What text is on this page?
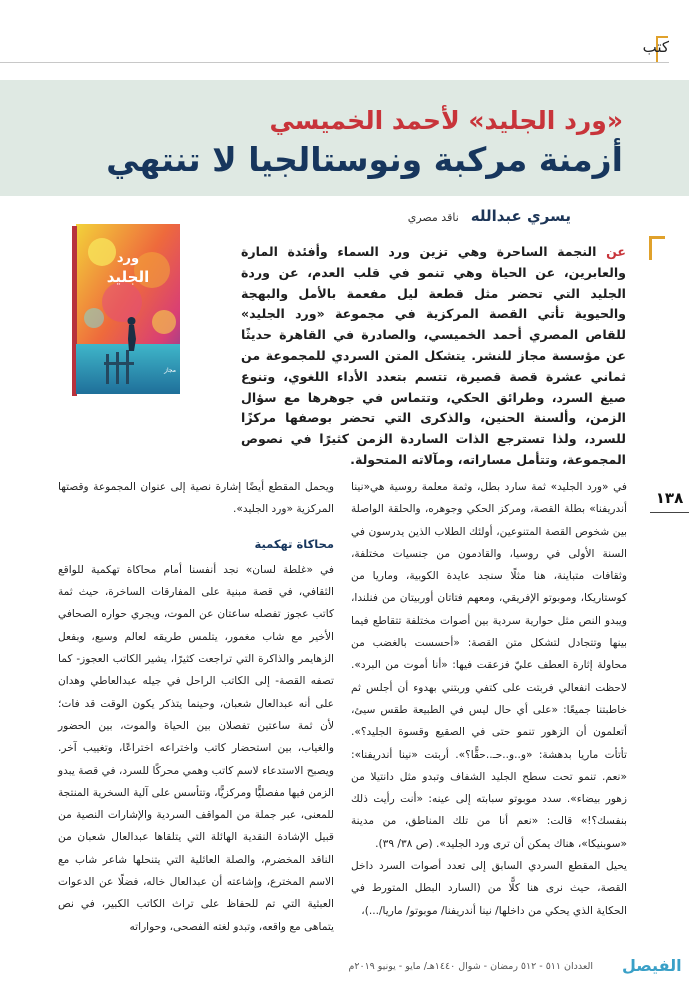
كتب
«ورد الجليد» لأحمد الخميسي
أزمنة مركبة ونوستالجيا لا تنتهي
يسري عبدالله
ناقد مصري

عن النجمة الساحرة وهي تزين ورد السماء وأفئدة المارة والعابرين، عن الحياة وهي تنمو في قلب العدم، عن وردة الجليد التي تحضر مثل قطعة ليل مفعمة بالأمل والبهجة والحيوية تأتي القصة المركزية في مجموعة «ورد الجليد» للقاص المصري أحمد الخميسي، والصادرة في القاهرة حديثًا عن مؤسسة مجاز للنشر. يتشكل المتن السردي للمجموعة من ثماني عشرة قصة قصيرة، تتسم بتعدد الأداء اللغوي، وتنوع صيغ السرد، وطرائق الحكي، وتتماس في جوهرها مع سؤال الزمن، وألسنة الحنين، والذكرى التي تحضر بوصفها مركزًا للسرد، ولذا تسترجع الذات الساردة الزمن كثيرًا في نصوص المجموعة، وتتأمل مساراته، ومآلاته المتحولة.

ورد
الجليد
مجاز
١٣٨

في «ورد الجليد» ثمة سارد بطل، وثمة معلمة روسية هي«نينا أندريفنا» بطلة القصة، ومركز الحكي وجوهره، والحلقة الواصلة بين شخوص القصة المتنوعين، أولئك الطلاب الذين يدرسون في السنة الأولى في روسيا، والقادمون من جنسيات مختلفة، وثقافات متباينة، هنا مثلًا سنجد عايدة الكوبية، وماريا من كوستاريكا، وموبوتو الإفريقي، ومعهم فتاتان أوربيتان من فنلندا، ويبدو النص مثل حوارية سردية بين أصوات مختلفة تتقاطع فيما بينها وتتجادل لتشكل متن القصة: «أحسست بالغضب من محاولة إثارة العطف عليّ فزعقت فيها: «أنا أموت من البرد». لاحظت انفعالي فربتت على كتفي وربتني بهدوء أن أجلس ثم خاطبتنا جميعًا: «على أي حال ليس في الطبيعة طقس سيئ، أتعلمون أن الزهور تنمو حتى في الصقيع وقسوة الجليد؟». تأتأت ماريا بدهشة: «و..و..حـ..حقًّا؟». أربتت «نينا أندريفنا»: «نعم. تنمو تحت سطح الجليد الشفاف وتبدو مثل دانتيلا من زهور بيضاء». سدد موبوتو سبابته إلى عينه: «أنت رأيت ذلك بنفسك؟!» قالت: «نعم أنا من تلك المناطق، من مدينة «سوبنيكا»، هناك يمكن أن ترى ورد الجليد». (ص ٣٨/ ٣٩).

يحيل المقطع السردي السابق إلى تعدد أصوات السرد داخل القصة، حيث نرى هنا كلًّا من (السارد البطل المتورط في الحكاية الذي يحكي من داخلها/ نينا أندريفنا/ موبوتو/ ماريا/...)،

ويحمل المقطع أيضًا إشارة نصية إلى عنوان المجموعة وقصتها المركزية «ورد الجليد».

محاكاة تهكمية

في «غلطة لسان» نجد أنفسنا أمام محاكاة تهكمية للواقع الثقافي، في قصة مبنية على المفارقات الساخرة، حيث ثمة كاتب عجوز تفصله ساعتان عن الموت، ويجري حواره الصحافي الأخير مع شاب مغمور، يتلمس طريقه لعالم وسيع، وبفعل الزهايمر والذاكرة التي تراجعت كثيرًا، يشير الكاتب العجوز- كما تصفه القصة- إلى الكاتب الراحل في جيله عبدالعاطي وهدان على أنه عبدالعال شعبان، وحينما يتذكر يكون الوقت قد فات؛ لأن ثمة ساعتين تفصلان بين الحياة والموت، بين الحضور والغياب، بين استحضار كاتب واختراعه اختراعًا، وتغييب آخر. ويصبح الاستدعاء لاسم كاتب وهمي محركًا للسرد، في قصة يبدو الزمن فيها مفصليًّا ومركزيًّا، وتتأسس على آلية السخرية المنتجة للمعنى، عبر جملة من المواقف السردية والإشارات النصية من قبيل الإشادة النقدية الهائلة التي يتلقاها عبدالعال شعبان من الناقد المخضرم، والصلة العائلية التي يتنحلها شاعر شاب مع الاسم المخترع، وإشاعته أن عبدالعال خاله، فضلًا عن الدعوات العبثية التي تم للحفاظ على تراث الكاتب الكبير، في نص يتماهى مع واقعه، وتبدو لغته الفصحى، وحواراته

الفيصل
العددان ٥١١ - ٥١٢ رمضان - شوال ١٤٤٠هـ/ مايو - يونيو ٢٠١٩م
